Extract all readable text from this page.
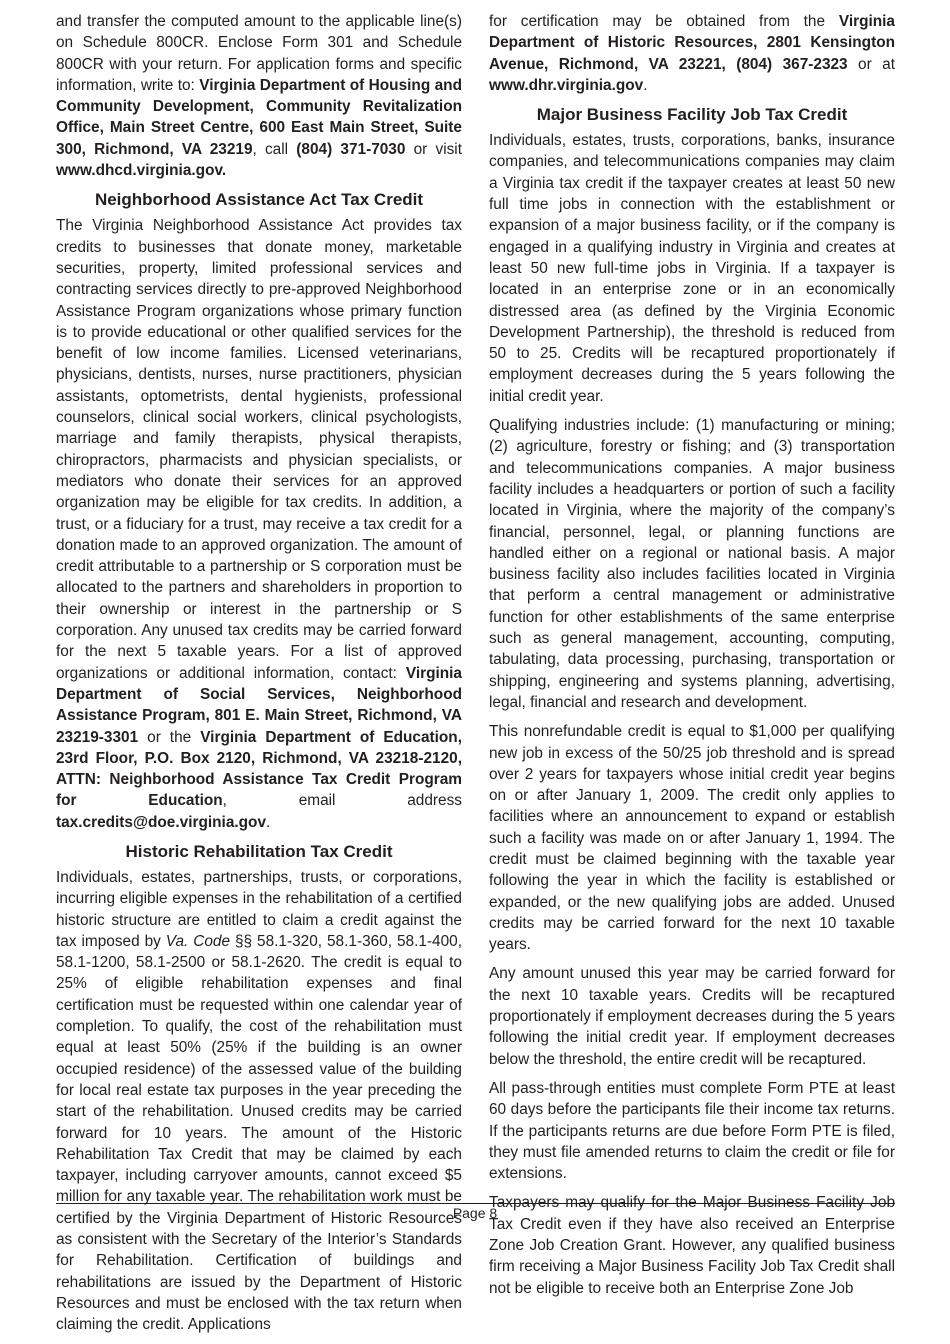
and transfer the computed amount to the applicable line(s) on Schedule 800CR. Enclose Form 301 and Schedule 800CR with your return. For application forms and specific information, write to: Virginia Department of Housing and Community Development, Community Revitalization Office, Main Street Centre, 600 East Main Street, Suite 300, Richmond, VA 23219, call (804) 371-7030 or visit www.dhcd.virginia.gov.

Neighborhood Assistance Act Tax Credit

The Virginia Neighborhood Assistance Act provides tax credits to businesses that donate money, marketable securities, property, limited professional services and contracting services directly to pre-approved Neighborhood Assistance Program organizations whose primary function is to provide educational or other qualified services for the benefit of low income families. Licensed veterinarians, physicians, dentists, nurses, nurse practitioners, physician assistants, optometrists, dental hygienists, professional counselors, clinical social workers, clinical psychologists, marriage and family therapists, physical therapists, chiropractors, pharmacists and physician specialists, or mediators who donate their services for an approved organization may be eligible for tax credits. In addition, a trust, or a fiduciary for a trust, may receive a tax credit for a donation made to an approved organization. The amount of credit attributable to a partnership or S corporation must be allocated to the partners and shareholders in proportion to their ownership or interest in the partnership or S corporation. Any unused tax credits may be carried forward for the next 5 taxable years. For a list of approved organizations or additional information, contact: Virginia Department of Social Services, Neighborhood Assistance Program, 801 E. Main Street, Richmond, VA 23219-3301 or the Virginia Department of Education, 23rd Floor, P.O. Box 2120, Richmond, VA 23218-2120, ATTN: Neighborhood Assistance Tax Credit Program for Education, email address tax.credits@doe.virginia.gov.

Historic Rehabilitation Tax Credit

Individuals, estates, partnerships, trusts, or corporations, incurring eligible expenses in the rehabilitation of a certified historic structure are entitled to claim a credit against the tax imposed by Va. Code §§ 58.1-320, 58.1-360, 58.1-400, 58.1-1200, 58.1-2500 or 58.1-2620. The credit is equal to 25% of eligible rehabilitation expenses and final certification must be requested within one calendar year of completion. To qualify, the cost of the rehabilitation must equal at least 50% (25% if the building is an owner occupied residence) of the assessed value of the building for local real estate tax purposes in the year preceding the start of the rehabilitation. Unused credits may be carried forward for 10 years. The amount of the Historic Rehabilitation Tax Credit that may be claimed by each taxpayer, including carryover amounts, cannot exceed $5 million for any taxable year. The rehabilitation work must be certified by the Virginia Department of Historic Resources as consistent with the Secretary of the Interior’s Standards for Rehabilitation. Certification of buildings and rehabilitations are issued by the Department of Historic Resources and must be enclosed with the tax return when claiming the credit. Applications

for certification may be obtained from the Virginia Department of Historic Resources, 2801 Kensington Avenue, Richmond, VA 23221, (804) 367-2323 or at www.dhr.virginia.gov.

Major Business Facility Job Tax Credit

Individuals, estates, trusts, corporations, banks, insurance companies, and telecommunications companies may claim a Virginia tax credit if the taxpayer creates at least 50 new full time jobs in connection with the establishment or expansion of a major business facility, or if the company is engaged in a qualifying industry in Virginia and creates at least 50 new full-time jobs in Virginia. If a taxpayer is located in an enterprise zone or in an economically distressed area (as defined by the Virginia Economic Development Partnership), the threshold is reduced from 50 to 25. Credits will be recaptured proportionately if employment decreases during the 5 years following the initial credit year.

Qualifying industries include: (1) manufacturing or mining; (2) agriculture, forestry or fishing; and (3) transportation and telecommunications companies. A major business facility includes a headquarters or portion of such a facility located in Virginia, where the majority of the company’s financial, personnel, legal, or planning functions are handled either on a regional or national basis. A major business facility also includes facilities located in Virginia that perform a central management or administrative function for other establishments of the same enterprise such as general management, accounting, computing, tabulating, data processing, purchasing, transportation or shipping, engineering and systems planning, advertising, legal, financial and research and development.

This nonrefundable credit is equal to $1,000 per qualifying new job in excess of the 50/25 job threshold and is spread over 2 years for taxpayers whose initial credit year begins on or after January 1, 2009. The credit only applies to facilities where an announcement to expand or establish such a facility was made on or after January 1, 1994. The credit must be claimed beginning with the taxable year following the year in which the facility is established or expanded, or the new qualifying jobs are added. Unused credits may be carried forward for the next 10 taxable years.

Any amount unused this year may be carried forward for the next 10 taxable years. Credits will be recaptured proportionately if employment decreases during the 5 years following the initial credit year. If employment decreases below the threshold, the entire credit will be recaptured.

All pass-through entities must complete Form PTE at least 60 days before the participants file their income tax returns. If the participants returns are due before Form PTE is filed, they must file amended returns to claim the credit or file for extensions.

Taxpayers may qualify for the Major Business Facility Job Tax Credit even if they have also received an Enterprise Zone Job Creation Grant. However, any qualified business firm receiving a Major Business Facility Job Tax Credit shall not be eligible to receive both an Enterprise Zone Job

Page 8
